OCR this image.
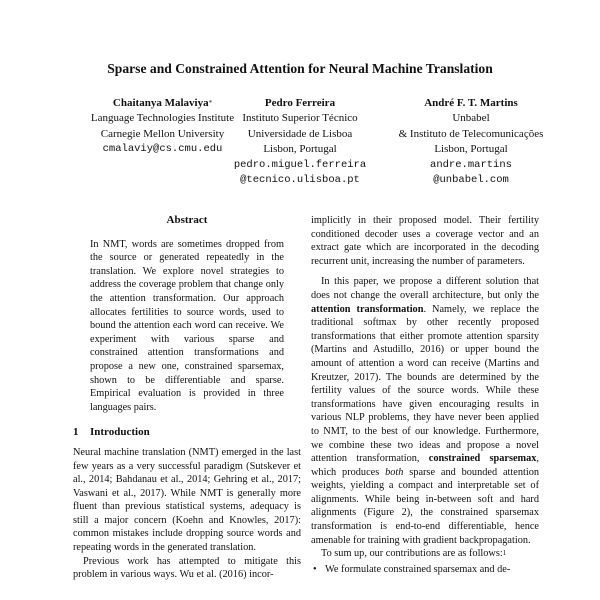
Sparse and Constrained Attention for Neural Machine Translation
Chaitanya Malaviya*
Language Technologies Institute
Carnegie Mellon University
cmalaviy@cs.cmu.edu
Pedro Ferreira
Instituto Superior Técnico
Universidade de Lisboa
Lisbon, Portugal
pedro.miguel.ferreira
@tecnico.ulisboa.pt
André F. T. Martins
Unbabel
& Instituto de Telecomunicações
Lisbon, Portugal
andre.martins
@unbabel.com
Abstract
In NMT, words are sometimes dropped from the source or generated repeatedly in the translation. We explore novel strategies to address the coverage problem that change only the attention transformation. Our approach allocates fertilities to source words, used to bound the attention each word can receive. We experiment with various sparse and constrained attention transformations and propose a new one, constrained sparsemax, shown to be differentiable and sparse. Empirical evaluation is provided in three languages pairs.
1 Introduction

Neural machine translation (NMT) emerged in the last few years as a very successful paradigm (Sutskever et al., 2014; Bahdanau et al., 2014; Gehring et al., 2017; Vaswani et al., 2017). While NMT is generally more fluent than previous statistical systems, adequacy is still a major concern (Koehn and Knowles, 2017): common mistakes include dropping source words and repeating words in the generated translation.

Previous work has attempted to mitigate this problem in various ways. Wu et al. (2016) incor-

implicitly in their proposed model. Their fertility conditioned decoder uses a coverage vector and an extract gate which are incorporated in the decoding recurrent unit, increasing the number of parameters.

In this paper, we propose a different solution that does not change the overall architecture, but only the attention transformation. Namely, we replace the traditional softmax by other recently proposed transformations that either promote attention sparsity (Martins and Astudillo, 2016) or upper bound the amount of attention a word can receive (Martins and Kreutzer, 2017). The bounds are determined by the fertility values of the source words. While these transformations have given encouraging results in various NLP problems, they have never been applied to NMT, to the best of our knowledge. Furthermore, we combine these two ideas and propose a novel attention transformation, constrained sparsemax, which produces both sparse and bounded attention weights, yielding a compact and interpretable set of alignments. While being in-between soft and hard alignments (Figure 2), the constrained sparsemax transformation is end-to-end differentiable, hence amenable for training with gradient backpropagation.

To sum up, our contributions are as follows:$^1$

• We formulate constrained sparsemax and de-
